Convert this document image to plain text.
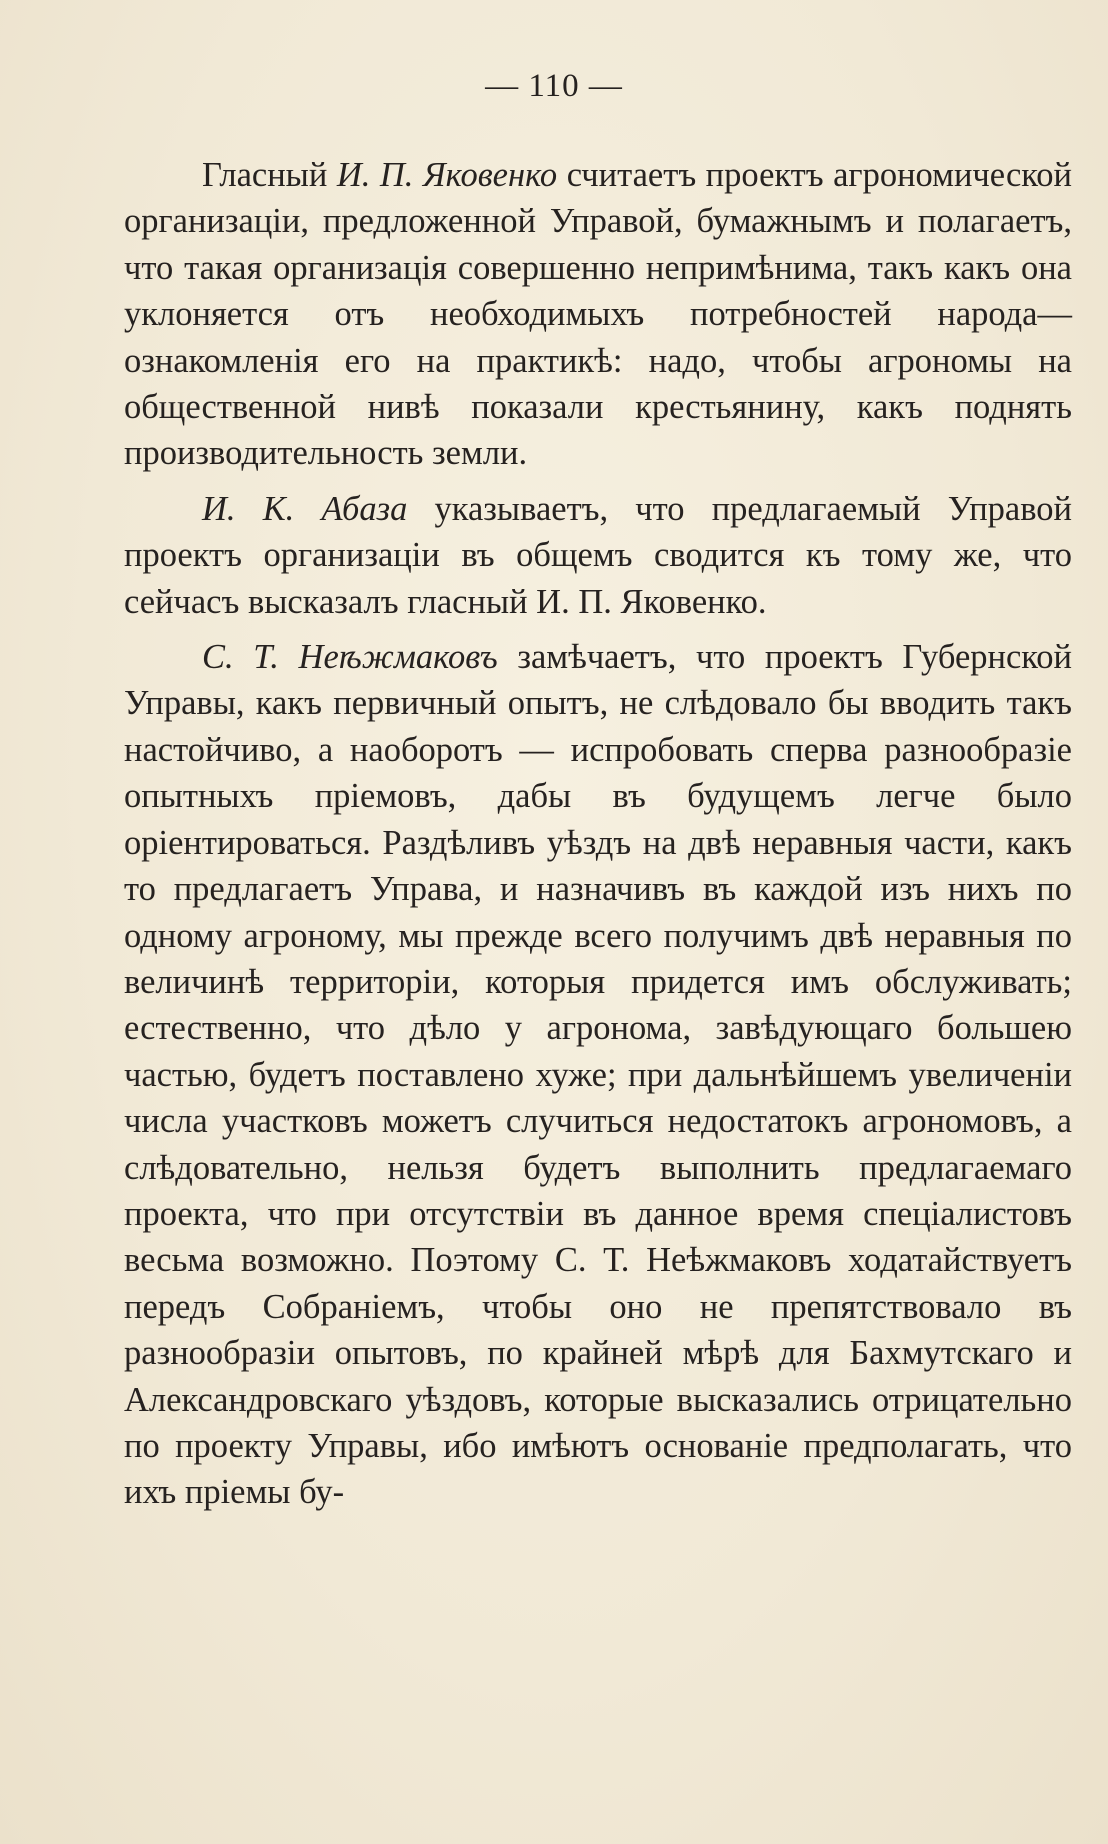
— 110 —

Гласный И. П. Яковенко считаетъ проектъ агрономической организаціи, предложенной Управой, бумажнымъ и полагаетъ, что такая организація совершенно непримѣнима, такъ какъ она уклоняется отъ необходимыхъ потребностей народа—ознакомленія его на практикѣ: надо, чтобы агрономы на общественной нивѣ показали крестьянину, какъ поднять производительность земли.

И. К. Абаза указываетъ, что предлагаемый Управой проектъ организаціи въ общемъ сводится къ тому же, что сейчасъ высказалъ гласный И. П. Яковенко.

С. Т. Неѣжмаковъ замѣчаетъ, что проектъ Губернской Управы, какъ первичный опытъ, не слѣдовало бы вводить такъ настойчиво, а наоборотъ — испробовать сперва разнообразіе опытныхъ пріемовъ, дабы въ будущемъ легче было оріентироваться. Раздѣливъ уѣздъ на двѣ неравныя части, какъ то предлагаетъ Управа, и назначивъ въ каждой изъ нихъ по одному агроному, мы прежде всего получимъ двѣ неравныя по величинѣ территоріи, которыя придется имъ обслуживать; естественно, что дѣло у агронома, завѣдующаго большею частью, будетъ поставлено хуже; при дальнѣйшемъ увеличеніи числа участковъ можетъ случиться недостатокъ агрономовъ, а слѣдовательно, нельзя будетъ выполнить предлагаемаго проекта, что при отсутствіи въ данное время спеціалистовъ весьма возможно. Поэтому С. Т. Неѣжмаковъ ходатайствуетъ передъ Собраніемъ, чтобы оно не препятствовало въ разнообразіи опытовъ, по крайней мѣрѣ для Бахмутскаго и Александровскаго уѣздовъ, которые высказались отрицательно по проекту Управы, ибо имѣютъ основаніе предполагать, что ихъ пріемы бу-
